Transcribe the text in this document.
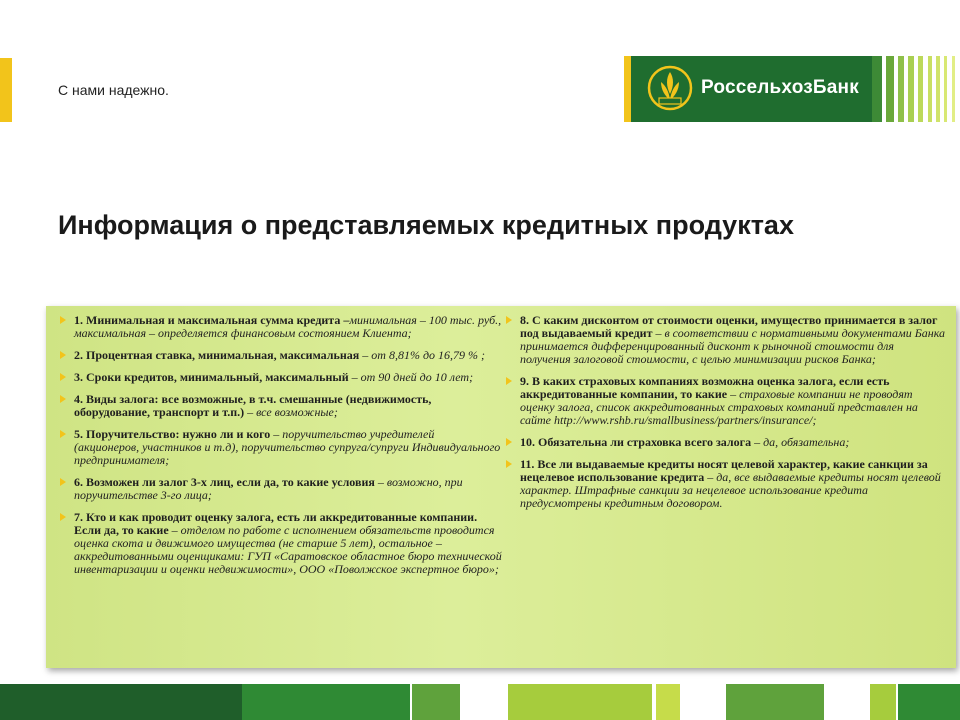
С нами надежно.	РоссельхозБанк
Информация о представляемых кредитных продуктах
1. Минимальная и максимальная сумма кредита –минимальная – 100 тыс. руб., максимальная – определяется финансовым состоянием Клиента;
2. Процентная ставка, минимальная, максимальная – от 8,81% до 16,79 % ;
3. Сроки кредитов, минимальный, максимальный – от 90 дней до 10 лет;
4. Виды залога: все возможные, в т.ч. смешанные (недвижимость, оборудование, транспорт и т.п.) – все возможные;
5. Поручительство: нужно ли и кого – поручительство учредителей (акционеров, участников и т.д), поручительство супруга/супруги Индивидуального предпринимателя;
6. Возможен ли залог 3-х лиц, если да, то какие условия – возможно, при поручительстве 3-го лица;
7. Кто и как проводит оценку залога, есть ли аккредитованные компании. Если да, то какие – отделом по работе с исполнением обязательств проводится оценка скота и движимого имущества (не старше 5 лет), остальное – аккредитованными оценщиками: ГУП «Саратовское областное бюро технической инвентаризации и оценки недвижимости», ООО «Поволжское экспертное бюро»;
8. С каким дисконтом от стоимости оценки, имущество принимается в залог под выдаваемый кредит – в соответствии с нормативными документами Банка принимается дифференцированный дисконт к рыночной стоимости для получения залоговой стоимости, с целью минимизации рисков Банка;
9. В каких страховых компаниях возможна оценка залога, если есть аккредитованные компании, то какие – страховые компании не проводят оценку залога, список аккредитованных страховых компаний представлен на сайте http://www.rshb.ru/smallbusiness/partners/insurance/;
10. Обязательна ли страховка всего залога – да, обязательна;
11. Все ли выдаваемые кредиты носят целевой характер, какие санкции за нецелевое использование кредита – да, все выдаваемые кредиты носят целевой характер. Штрафные санкции за нецелевое использование кредита предусмотрены кредитным договором.
